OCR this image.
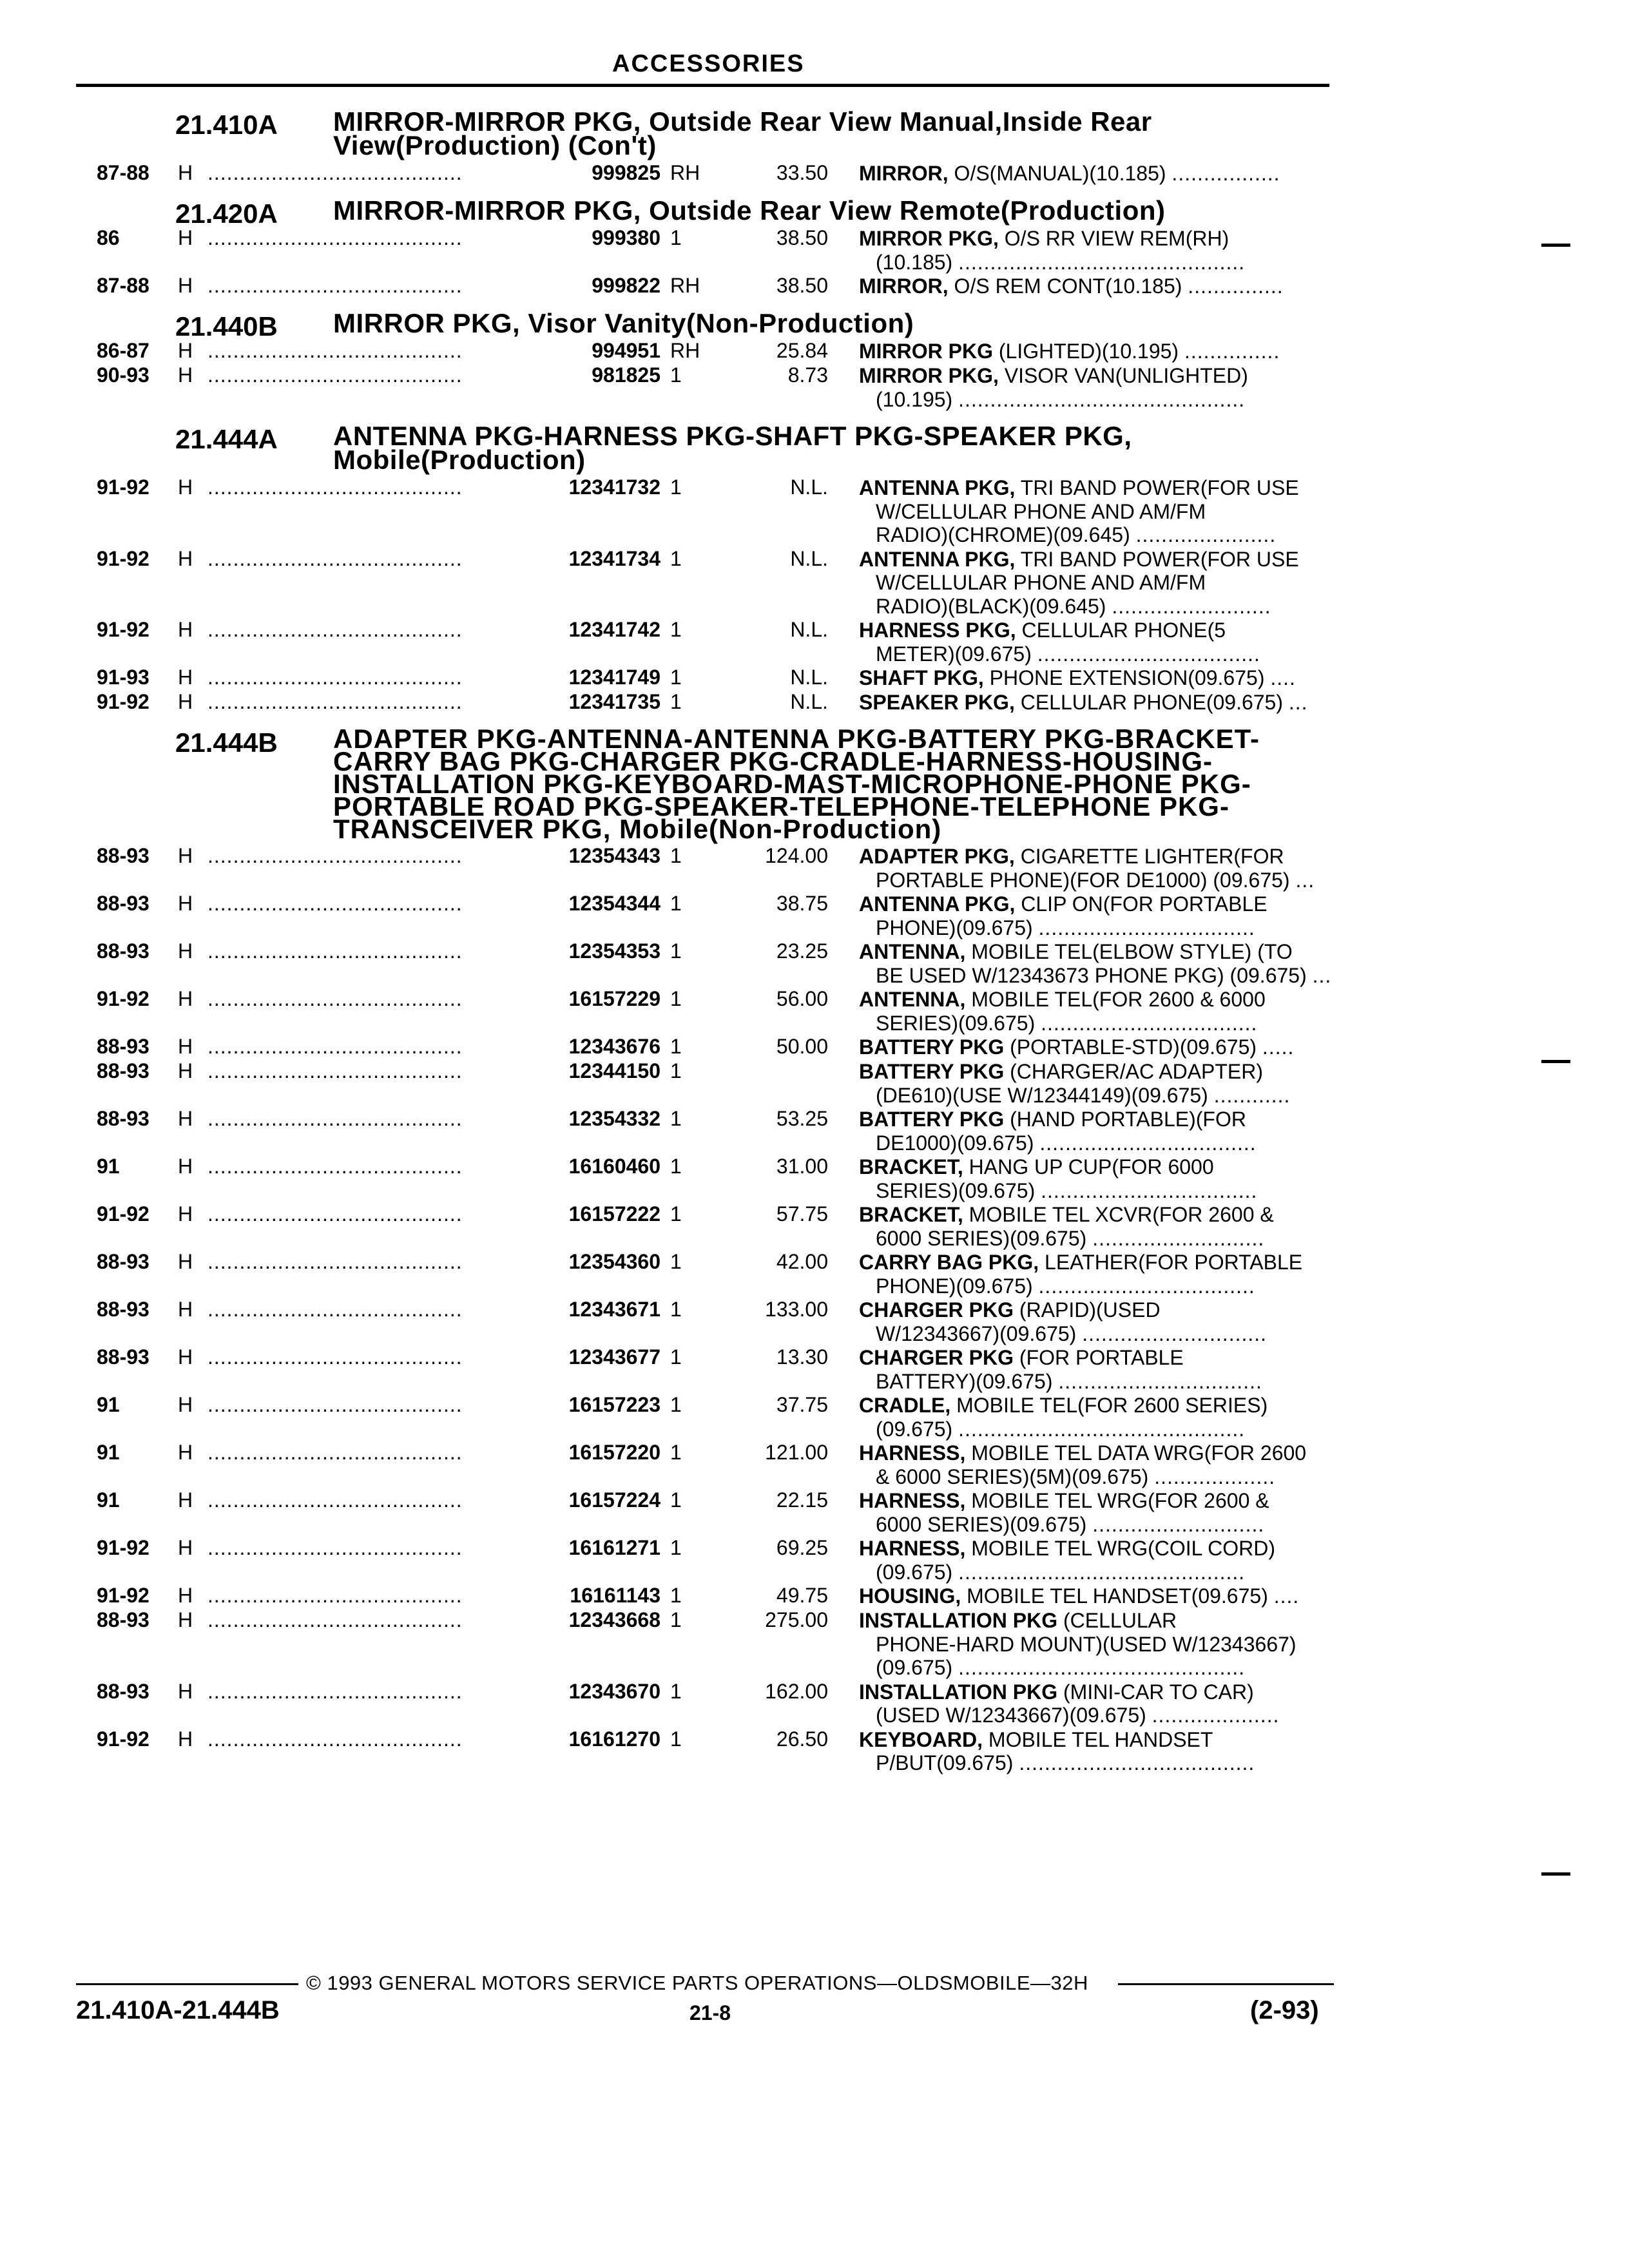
ACCESSORIES
21.410A MIRROR-MIRROR PKG, Outside Rear View Manual,Inside Rear View(Production) (Con't)
87-88 H ........................................	999825 RH	33.50 MIRROR, O/S(MANUAL)(10.185) .................
21.420A MIRROR-MIRROR PKG, Outside Rear View Remote(Production)
86	H ........................................	999380 1	38.50 MIRROR PKG, O/S RR VIEW REM(RH)
(10.185) .............................................
87-88 H ........................................	999822 RH	38.50 MIRROR, O/S REM CONT(10.185) ...............
21.440B MIRROR PKG, Visor Vanity(Non-Production)
86-87 H ........................................	994951 RH	25.84 MIRROR PKG (LIGHTED)(10.195) ...............
90-93 H ........................................	981825 1	8.73 MIRROR PKG, VISOR VAN(UNLIGHTED)
(10.195) .............................................
21.444A ANTENNA PKG-HARNESS PKG-SHAFT PKG-SPEAKER PKG, Mobile(Production)
91-92 H ........................................	12341732 1	N.L. ANTENNA PKG, TRI BAND POWER(FOR USE
W/CELLULAR PHONE AND AM/FM
RADIO)(CHROME)(09.645) ......................
91-92 H ........................................	12341734 1	N.L. ANTENNA PKG, TRI BAND POWER(FOR USE
W/CELLULAR PHONE AND AM/FM
RADIO)(BLACK)(09.645) .........................
91-92 H ........................................	12341742 1	N.L. HARNESS PKG, CELLULAR PHONE(5
METER)(09.675) ...................................
91-93 H ........................................	12341749 1	N.L. SHAFT PKG, PHONE EXTENSION(09.675) ....
91-92 H ........................................	12341735 1	N.L. SPEAKER PKG, CELLULAR PHONE(09.675) ...
21.444B ADAPTER PKG-ANTENNA-ANTENNA PKG-BATTERY PKG-BRACKET-CARRY BAG PKG-CHARGER PKG-CRADLE-HARNESS-HOUSING-INSTALLATION PKG-KEYBOARD-MAST-MICROPHONE-PHONE PKG-PORTABLE ROAD PKG-SPEAKER-TELEPHONE-TELEPHONE PKG-TRANSCEIVER PKG, Mobile(Non-Production)
88-93 H ........................................	12354343 1	124.00 ADAPTER PKG, CIGARETTE LIGHTER(FOR
PORTABLE PHONE)(FOR DE1000) (09.675) ...
88-93 H ........................................	12354344 1	38.75 ANTENNA PKG, CLIP ON(FOR PORTABLE
PHONE)(09.675) ..................................
88-93 H ........................................	12354353 1	23.25 ANTENNA, MOBILE TEL(ELBOW STYLE) (TO
BE USED W/12343673 PHONE PKG) (09.675) ...
91-92 H ........................................	16157229 1	56.00 ANTENNA, MOBILE TEL(FOR 2600 & 6000
SERIES)(09.675) ..................................
88-93 H ........................................	12343676 1	50.00 BATTERY PKG (PORTABLE-STD)(09.675) .....
88-93 H ........................................	12344150 1	BATTERY PKG (CHARGER/AC ADAPTER)
(DE610)(USE W/12344149)(09.675) ............
88-93 H ........................................	12354332 1	53.25 BATTERY PKG (HAND PORTABLE)(FOR
DE1000)(09.675) ..................................
91	H ........................................	16160460 1	31.00 BRACKET, HANG UP CUP(FOR 6000
SERIES)(09.675) ..................................
91-92 H ........................................	16157222 1	57.75 BRACKET, MOBILE TEL XCVR(FOR 2600 &
6000 SERIES)(09.675) ...........................
88-93 H ........................................	12354360 1	42.00 CARRY BAG PKG, LEATHER(FOR PORTABLE
PHONE)(09.675) ..................................
88-93 H ........................................	12343671 1	133.00 CHARGER PKG (RAPID)(USED
W/12343667)(09.675) .............................
88-93 H ........................................	12343677 1	13.30 CHARGER PKG (FOR PORTABLE
BATTERY)(09.675) ................................
91	H ........................................	16157223 1	37.75 CRADLE, MOBILE TEL(FOR 2600 SERIES)
(09.675) .............................................
91	H ........................................	16157220 1	121.00 HARNESS, MOBILE TEL DATA WRG(FOR 2600
& 6000 SERIES)(5M)(09.675) ...................
91	H ........................................	16157224 1	22.15 HARNESS, MOBILE TEL WRG(FOR 2600 &
6000 SERIES)(09.675) ...........................
91-92 H ........................................	16161271 1	69.25 HARNESS, MOBILE TEL WRG(COIL CORD)
(09.675) .............................................
91-92 H ........................................	16161143 1	49.75 HOUSING, MOBILE TEL HANDSET(09.675) ....
88-93 H ........................................	12343668 1	275.00 INSTALLATION PKG (CELLULAR
PHONE-HARD MOUNT)(USED W/12343667)
(09.675) .............................................
88-93 H ........................................	12343670 1	162.00 INSTALLATION PKG (MINI-CAR TO CAR)
(USED W/12343667)(09.675) ....................
91-92 H ........................................	16161270 1	26.50 KEYBOARD, MOBILE TEL HANDSET
P/BUT(09.675) .....................................
© 1993 GENERAL MOTORS SERVICE PARTS OPERATIONS—OLDSMOBILE—32H
21.410A-21.444B	21-8	(2-93)
